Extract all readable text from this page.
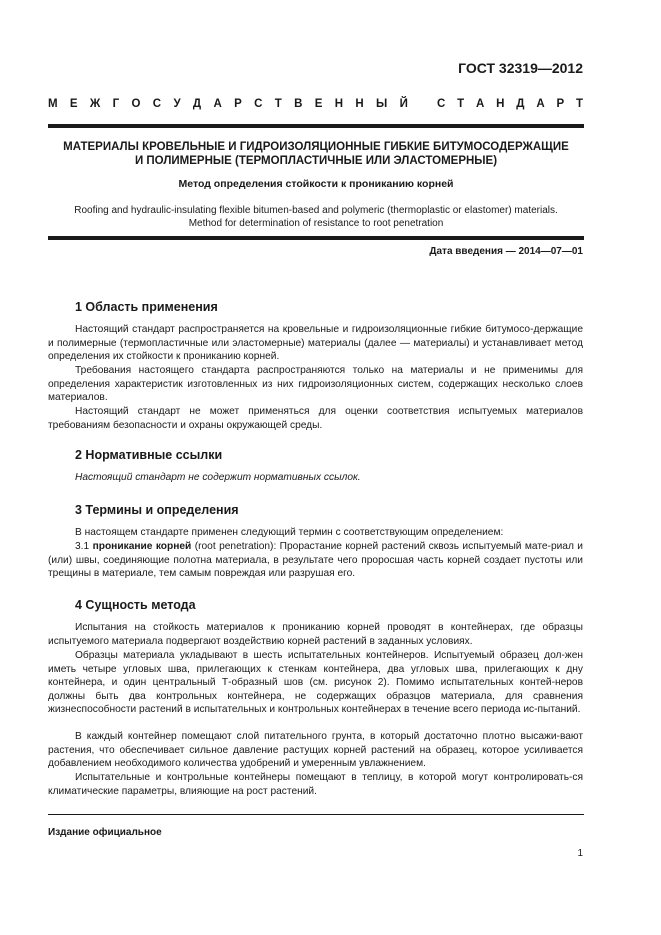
ГОСТ 32319—2012
М Е Ж Г О С У Д А Р С Т В Е Н Н Ы Й	С Т А Н Д А Р Т
МАТЕРИАЛЫ КРОВЕЛЬНЫЕ И ГИДРОИЗОЛЯЦИОННЫЕ ГИБКИЕ БИТУМОСОДЕРЖАЩИЕ
И ПОЛИМЕРНЫЕ (ТЕРМОПЛАСТИЧНЫЕ ИЛИ ЭЛАСТОМЕРНЫЕ)
Метод определения стойкости к прониканию корней
Roofing and hydraulic-insulating flexible bitumen-based and polymeric (thermoplastic or elastomer) materials.
Method for determination of resistance to root penetration
Дата введения — 2014—07—01
1 Область применения
Настоящий стандарт распространяется на кровельные и гидроизоляционные гибкие битумосо-держащие и полимерные (термопластичные или эластомерные) материалы (далее — материалы) и устанавливает метод определения их стойкости к прониканию корней.
Требования настоящего стандарта распространяются только на материалы и не применимы для определения характеристик изготовленных из них гидроизоляционных систем, содержащих несколько слоев материалов.
Настоящий стандарт не может применяться для оценки соответствия испытуемых материалов требованиям безопасности и охраны окружающей среды.
2 Нормативные ссылки
Настоящий стандарт не содержит нормативных ссылок.
3 Термины и определения
В настоящем стандарте применен следующий термин с соответствующим определением:
3.1 проникание корней (root penetration): Прорастание корней растений сквозь испытуемый мате-риал и (или) швы, соединяющие полотна материала, в результате чего проросшая часть корней создает пустоты или трещины в материале, тем самым повреждая или разрушая его.
4 Сущность метода
Испытания на стойкость материалов к прониканию корней проводят в контейнерах, где образцы испытуемого материала подвергают воздействию корней растений в заданных условиях.
Образцы материала укладывают в шесть испытательных контейнеров. Испытуемый образец дол-жен иметь четыре угловых шва, прилегающих к стенкам контейнера, два угловых шва, прилегающих к дну контейнера, и один центральный Т-образный шов (см. рисунок 2). Помимо испытательных контей-неров должны быть два контрольных контейнера, не содержащих образцов материала, для сравнения жизнеспособности растений в испытательных и контрольных контейнерах в течение всего периода ис-пытаний.
В каждый контейнер помещают слой питательного грунта, в который достаточно плотно высажи-вают растения, что обеспечивает сильное давление растущих корней растений на образец, которое усиливается добавлением необходимого количества удобрений и умеренным увлажнением.
Испытательные и контрольные контейнеры помещают в теплицу, в которой могут контролировать-ся климатические параметры, влияющие на рост растений.
Издание официальное
1
